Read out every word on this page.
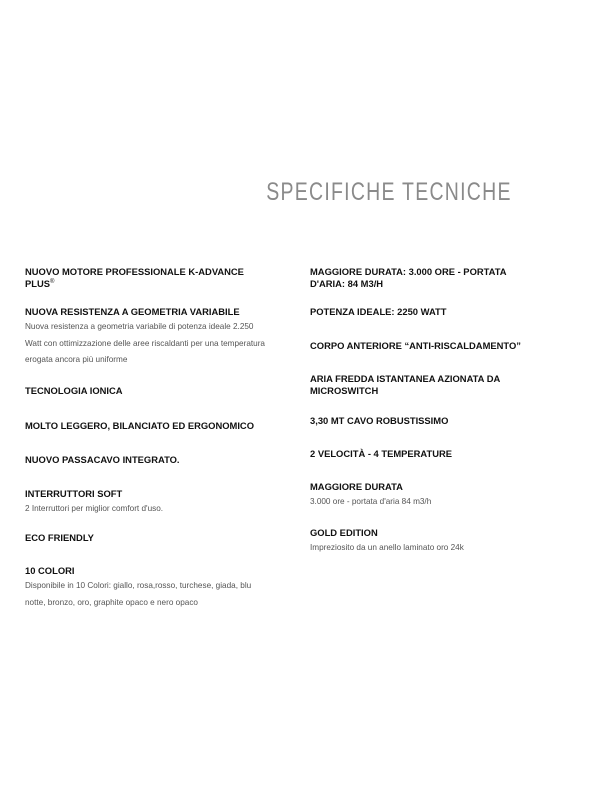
SPECIFICHE TECNICHE

NUOVO MOTORE PROFESSIONALE K-ADVANCE PLUS®

NUOVA RESISTENZA A GEOMETRIA VARIABILE

Nuova resistenza a geometria variabile di potenza ideale 2.250 Watt con ottimizzazione delle aree riscaldanti per una temperatura erogata ancora più uniforme

TECNOLOGIA IONICA

MOLTO LEGGERO, BILANCIATO ED ERGONOMICO

NUOVO PASSACAVO INTEGRATO.

INTERRUTTORI SOFT

2 Interruttori per miglior comfort d'uso.

ECO FRIENDLY

10 COLORI

Disponibile in 10 Colori: giallo, rosa,rosso, turchese, giada, blu notte, bronzo, oro, graphite opaco e nero opaco

MAGGIORE DURATA: 3.000 ORE - PORTATA D'ARIA: 84 M3/H

POTENZA IDEALE: 2250 WATT

CORPO ANTERIORE “ANTI-RISCALDAMENTO”

ARIA FREDDA ISTANTANEA AZIONATA DA MICROSWITCH

3,30 MT CAVO ROBUSTISSIMO

2 VELOCITÀ - 4 TEMPERATURE

MAGGIORE DURATA

3.000 ore - portata d'aria 84 m3/h

GOLD EDITION

Impreziosito da un anello laminato oro 24k
